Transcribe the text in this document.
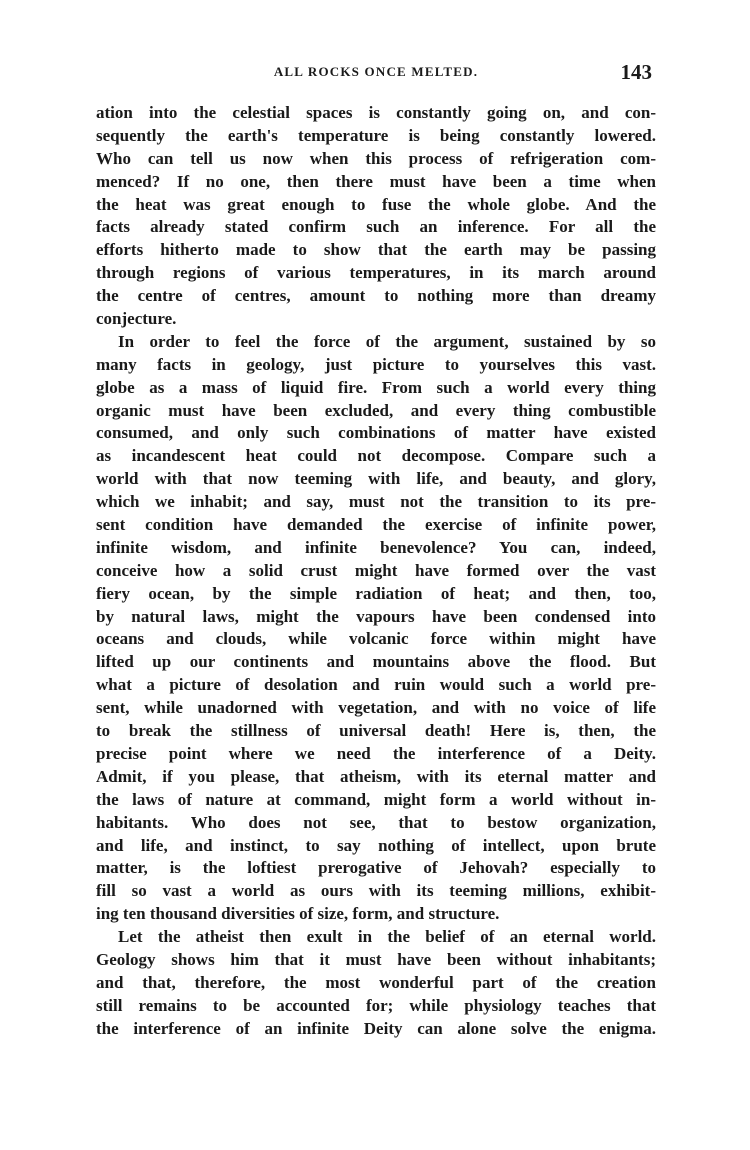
ALL ROCKS ONCE MELTED.	143
ation into the celestial spaces is constantly going on, and con-
sequently the earth's temperature is being constantly lowered.
Who can tell us now when this process of refrigeration com-
menced? If no one, then there must have been a time when
the heat was great enough to fuse the whole globe. And the
facts already stated confirm such an inference. For all the
efforts hitherto made to show that the earth may be passing
through regions of various temperatures, in its march around
the centre of centres, amount to nothing more than dreamy
conjecture.
In order to feel the force of the argument, sustained by so
many facts in geology, just picture to yourselves this vast.
globe as a mass of liquid fire. From such a world every thing
organic must have been excluded, and every thing combustible
consumed, and only such combinations of matter have existed
as incandescent heat could not decompose. Compare such a
world with that now teeming with life, and beauty, and glory,
which we inhabit; and say, must not the transition to its pre-
sent condition have demanded the exercise of infinite power,
infinite wisdom, and infinite benevolence? You can, indeed,
conceive how a solid crust might have formed over the vast
fiery ocean, by the simple radiation of heat; and then, too,
by natural laws, might the vapours have been condensed into
oceans and clouds, while volcanic force within might have
lifted up our continents and mountains above the flood. But
what a picture of desolation and ruin would such a world pre-
sent, while unadorned with vegetation, and with no voice of life
to break the stillness of universal death! Here is, then, the
precise point where we need the interference of a Deity.
Admit, if you please, that atheism, with its eternal matter and
the laws of nature at command, might form a world without in-
habitants. Who does not see, that to bestow organization,
and life, and instinct, to say nothing of intellect, upon brute
matter, is the loftiest prerogative of Jehovah? especially to
fill so vast a world as ours with its teeming millions, exhibit-
ing ten thousand diversities of size, form, and structure.
Let the atheist then exult in the belief of an eternal world.
Geology shows him that it must have been without inhabitants;
and that, therefore, the most wonderful part of the creation
still remains to be accounted for; while physiology teaches that
the interference of an infinite Deity can alone solve the enigma.
